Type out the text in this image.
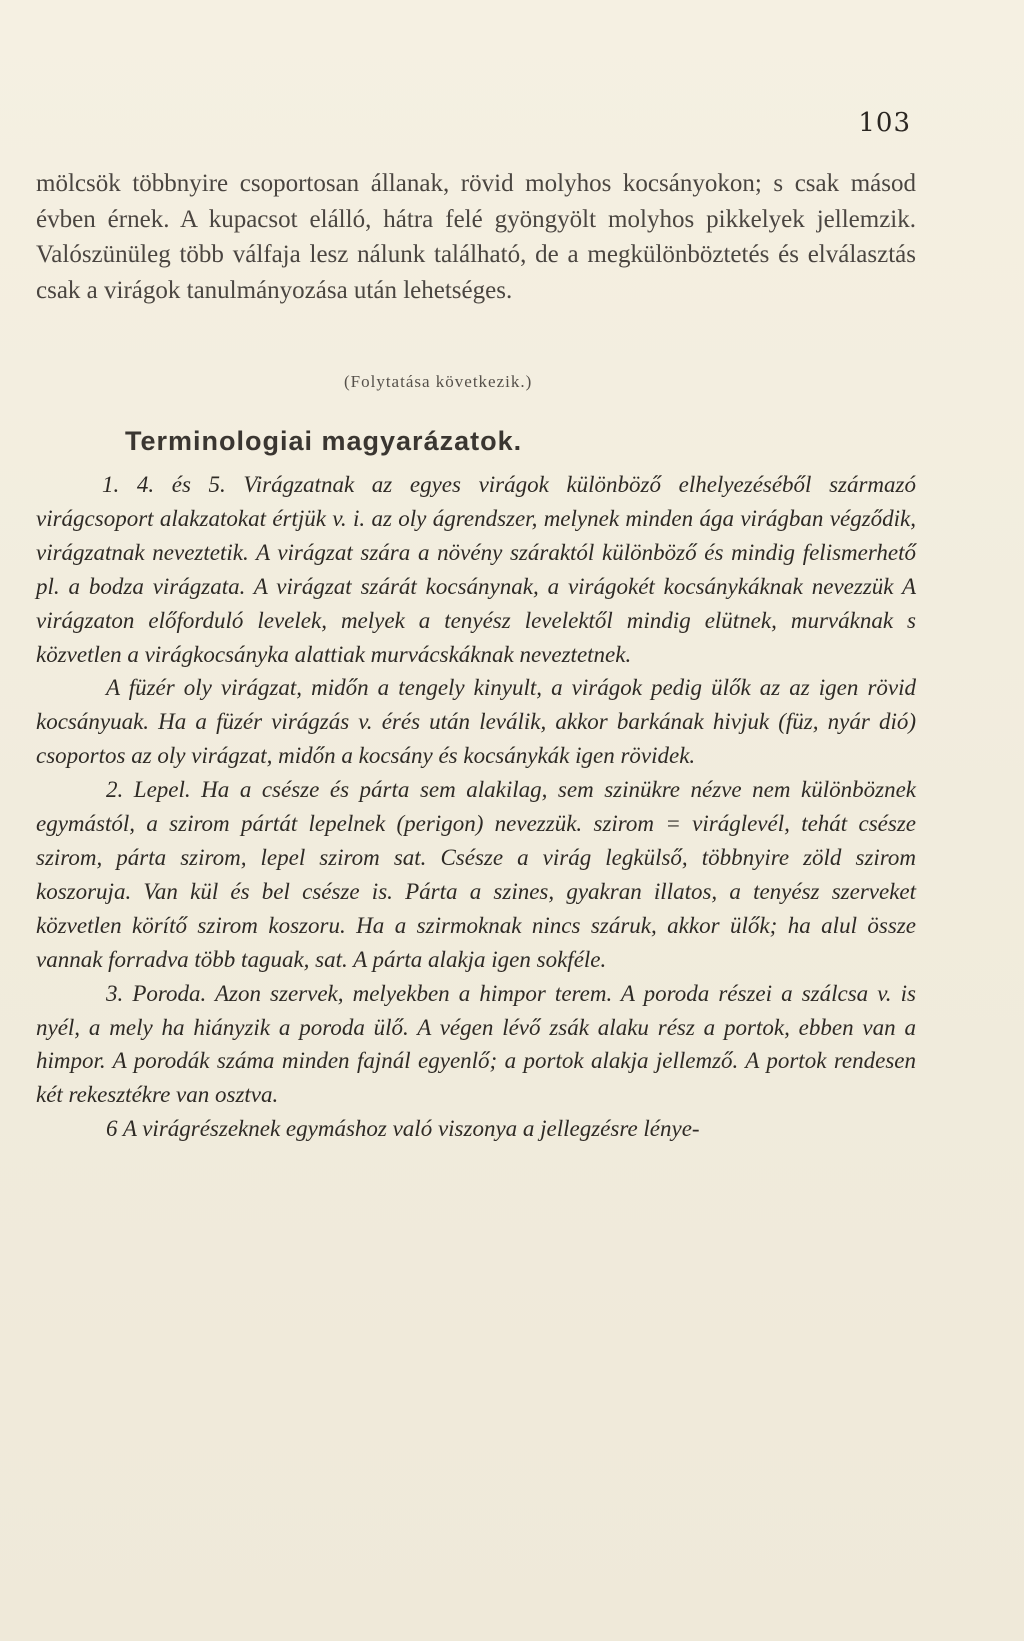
103

mölcsök többnyire csoportosan állanak, rövid molyhos kocsányokon; s csak másod évben érnek. A kupacsot elálló, hátra felé gyöngyölt molyhos pikkelyek jellemzik. Valószünüleg több válfaja lesz nálunk található, de a megkülönböztetés és elválasztás csak a virágok tanulmányozása után lehetséges.

(Folytatása következik.)
Terminologiai magyarázatok.

1. 4. és 5. Virágzatnak az egyes virágok különböző elhelyezéséből származó virágcsoport alakzatokat értjük v. i. az oly ágrendszer, melynek minden ága virágban végződik, virágzatnak neveztetik. A virágzat szára a növény száraktól különböző és mindig felismerhető pl. a bodza virágzata. A virágzat szárát kocsánynak, a virágokét kocsánykáknak nevezzük A virágzaton előforduló levelek, melyek a tenyész levelektől mindig elütnek, murváknak s közvetlen a virágkocsányka alattiak murvácskáknak neveztetnek.

A füzér oly virágzat, midőn a tengely kinyult, a virágok pedig ülők az az igen rövid kocsányuak. Ha a füzér virágzás v. érés után leválik, akkor barkának hivjuk (füz, nyár dió) csoportos az oly virágzat, midőn a kocsány és kocsánykák igen rövidek.

2. Lepel. Ha a csésze és párta sem alakilag, sem szinükre nézve nem különböznek egymástól, a szirom pártát lepelnek (perigon) nevezzük. szirom = viráglevél, tehát csésze szirom, párta szirom, lepel szirom sat. Csésze a virág legkülső, többnyire zöld szirom koszoruja. Van kül és bel csésze is. Párta a szines, gyakran illatos, a tenyész szerveket közvetlen körítő szirom koszoru. Ha a szirmoknak nincs száruk, akkor ülők; ha alul össze vannak forradva több taguak, sat. A párta alakja igen sokféle.

3. Poroda. Azon szervek, melyekben a himpor terem. A poroda részei a szálcsa v. is nyél, a mely ha hiányzik a poroda ülő. A végen lévő zsák alaku rész a portok, ebben van a himpor. A porodák száma minden fajnál egyenlő; a portok alakja jellemző. A portok rendesen két rekesztékre van osztva.

6 A virágrészeknek egymáshoz való viszonya a jellegzésre lénye-
